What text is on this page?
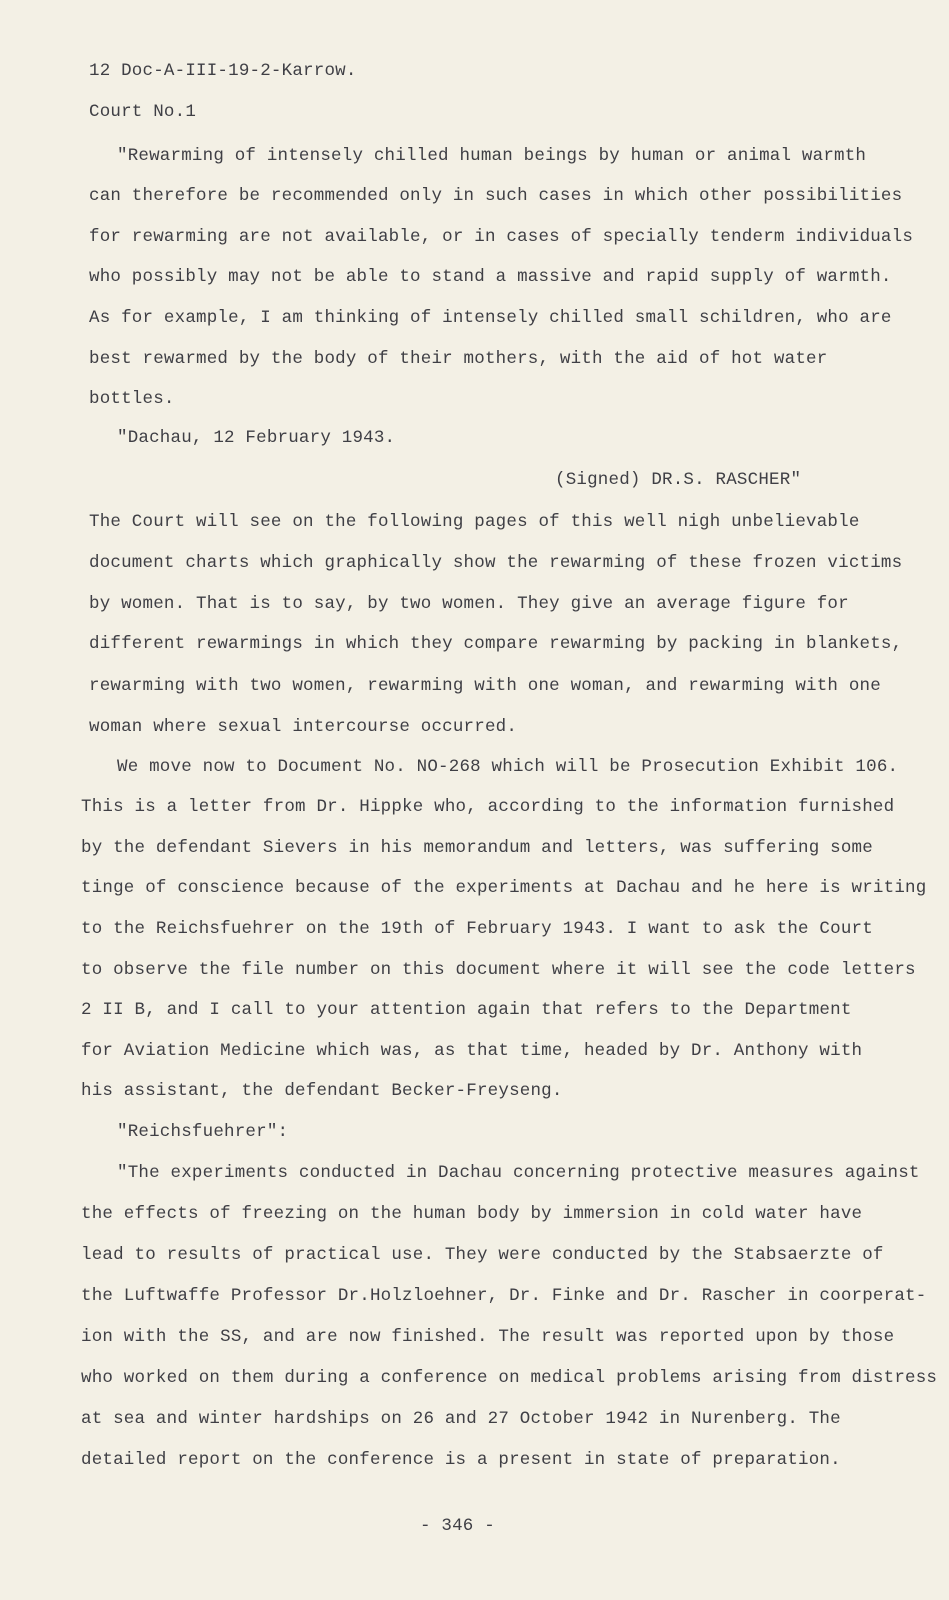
12 Doc-A-III-19-2-Karrow.
Court No.1
"Rewarming of intensely chilled human beings by human or animal warmth
can therefore be recommended only in such cases in which other possibilities
for rewarming are not available, or in cases of specially tenderm individuals
who possibly may not be able to stand a massive and rapid supply of warmth.
As for example, I am thinking of intensely chilled small schildren, who are
best rewarmed by the body of their mothers, with the aid of hot water
bottles.
"Dachau, 12 February 1943.
(Signed) DR.S. RASCHER"
The Court will see on the following pages of this well nigh unbelievable
document charts which graphically show the rewarming of these frozen victims
by women. That is to say, by two women. They give an average figure for
different rewarmings in which they compare rewarming by packing in blankets,
rewarming with two women, rewarming with one woman, and rewarming with one
woman where sexual intercourse occurred.
We move now to Document No. NO-268 which will be Prosecution Exhibit 106.
This is a letter from Dr. Hippke who, according to the information furnished
by the defendant Sievers in his memorandum and letters, was suffering some
tinge of conscience because of the experiments at Dachau and he here is writing
to the Reichsfuehrer on the 19th of February 1943. I want to ask the Court
to observe the file number on this document where it will see the code letters
2 II B, and I call to your attention again that refers to the Department
for Aviation Medicine which was, as that time, headed by Dr. Anthony with
his assistant, the defendant Becker-Freyseng.
"Reichsfuehrer":
"The experiments conducted in Dachau concerning protective measures against
the effects of freezing on the human body by immersion in cold water have
lead to results of practical use. They were conducted by the Stabsaerzte of
the Luftwaffe Professor Dr.Holzloehner, Dr. Finke and Dr. Rascher in coorperat-
ion with the SS, and are now finished. The result was reported upon by those
who worked on them during a conference on medical problems arising from distress
at sea and winter hardships on 26 and 27 October 1942 in Nurenberg. The
detailed report on the conference is a present in state of preparation.
- 346 -
